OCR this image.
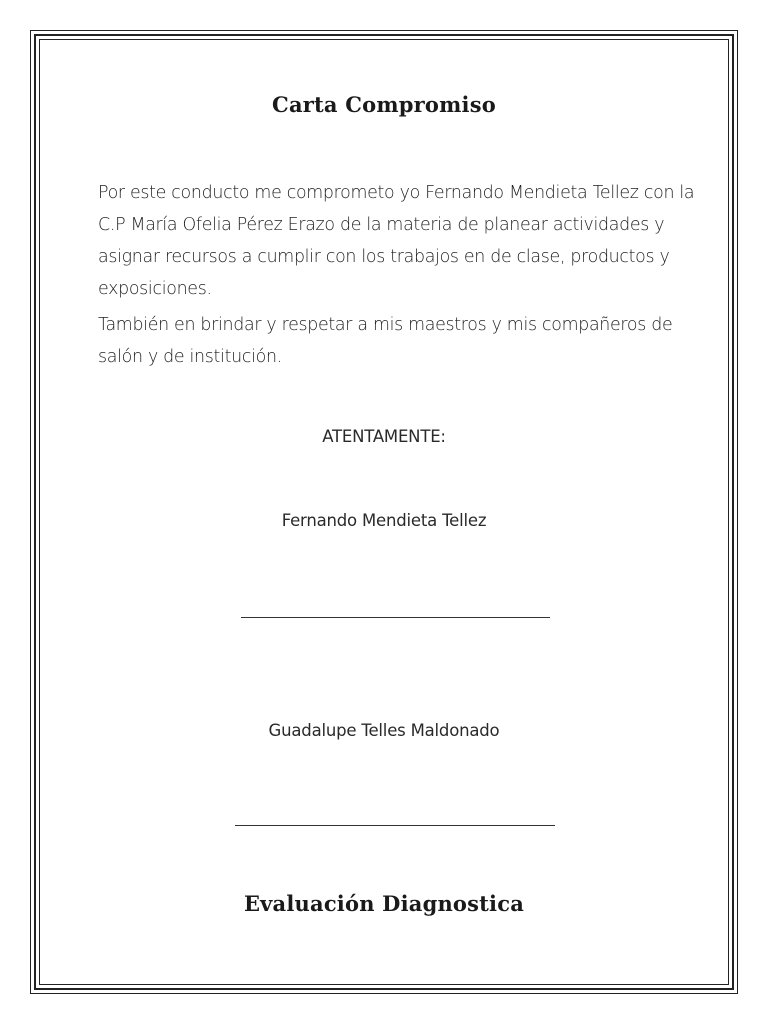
Carta Compromiso

Por este conducto me comprometo yo Fernando Mendieta Tellez con la C.P María Ofelia Pérez Erazo de la materia de planear actividades y asignar recursos a cumplir con los trabajos en de clase, productos y exposiciones.

También en brindar y respetar a mis maestros y mis compañeros de salón y de institución.

ATENTAMENTE:
Fernando Mendieta Tellez
Guadalupe Telles Maldonado
Evaluación Diagnostica
